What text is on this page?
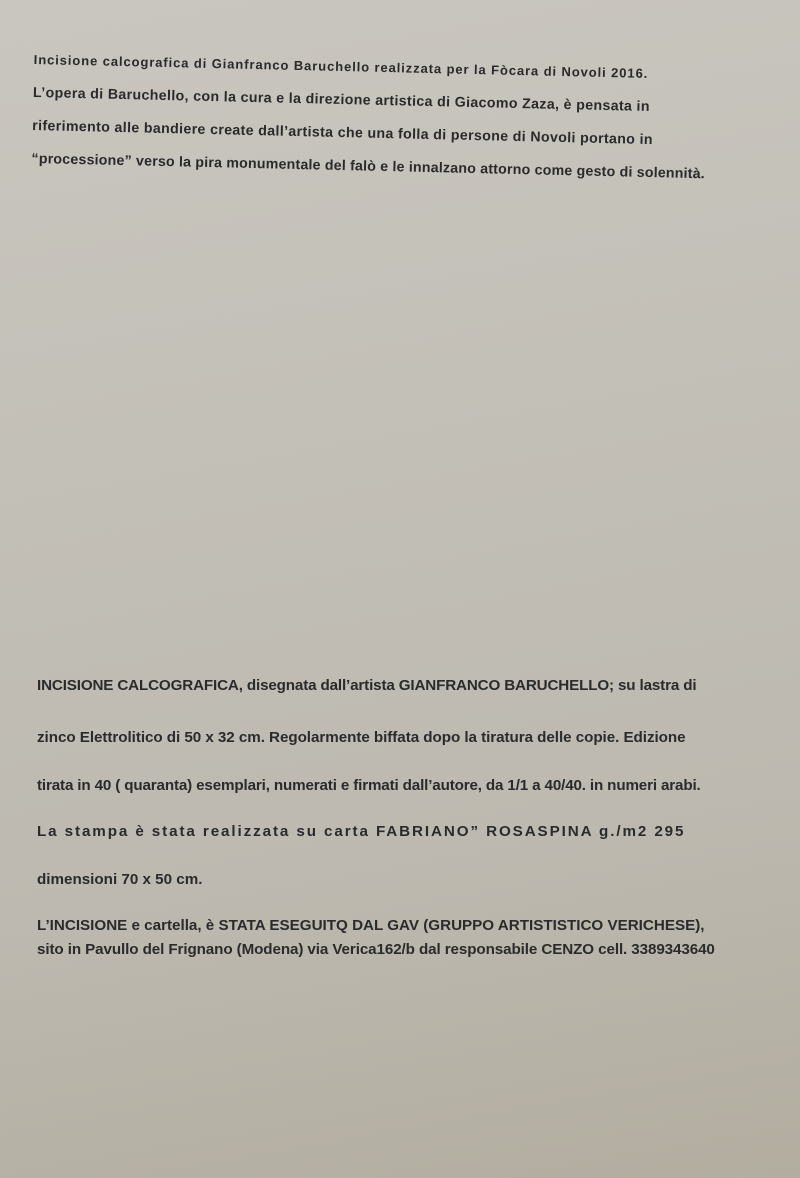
Incisione calcografica di Gianfranco Baruchello realizzata per la Fòcara di Novoli 2016.

L’opera di Baruchello, con la cura e la direzione artistica di Giacomo Zaza, è pensata in

riferimento alle bandiere create dall’artista che una folla di persone di Novoli portano in

“processione” verso la pira monumentale del falò e le innalzano attorno come gesto di solennità.

INCISIONE CALCOGRAFICA, disegnata dall’artista GIANFRANCO BARUCHELLO; su lastra di

zinco Elettrolitico di 50 x 32 cm. Regolarmente biffata dopo la tiratura delle copie. Edizione

tirata in 40 ( quaranta) esemplari, numerati e firmati dall’autore, da 1/1 a 40/40. in numeri arabi.

La stampa è stata realizzata su carta FABRIANO” ROSASPINA g./m2 295

dimensioni 70 x 50 cm.

L’INCISIONE e cartella, è STATA ESEGUITQ DAL GAV (GRUPPO ARTISTISTICO VERICHESE),

sito in Pavullo del Frignano (Modena) via Verica162/b dal responsabile CENZO cell. 3389343640
